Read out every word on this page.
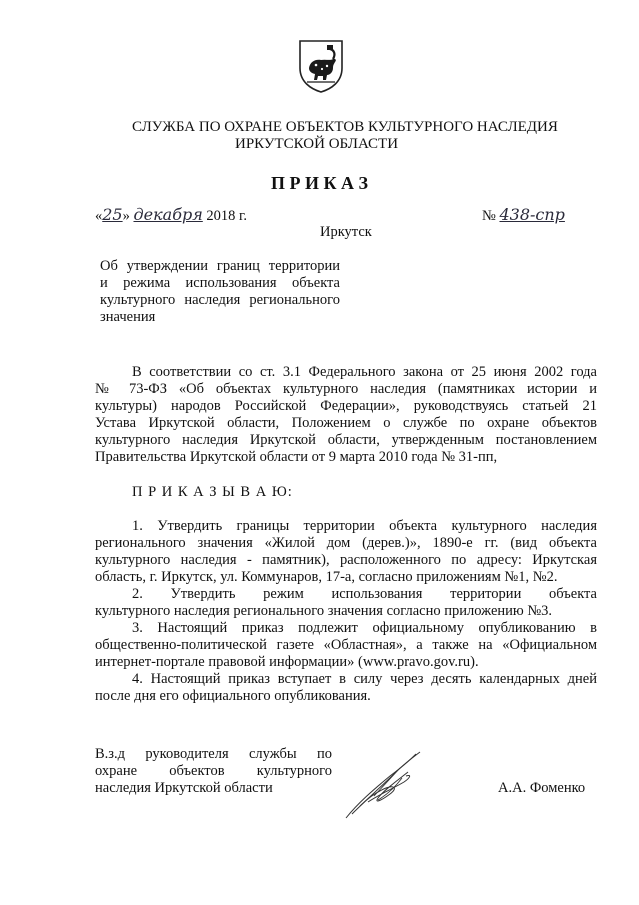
СЛУЖБА ПО ОХРАНЕ ОБЪЕКТОВ КУЛЬТУРНОГО НАСЛЕДИЯ
ИРКУТСКОЙ ОБЛАСТИ
П Р И К А З
«25» декабря 2018 г.	№ 438-спр
Иркутск
Об утверждении границ территории
и режима использования объекта
культурного наследия регионального
значения
В соответствии со ст. 3.1 Федерального закона от 25 июня 2002 года
№ 73-ФЗ «Об объектах культурного наследия (памятниках истории и
культуры) народов Российской Федерации», руководствуясь статьей 21
Устава Иркутской области, Положением о службе по охране объектов
культурного наследия Иркутской области, утвержденным постановлением
Правительства Иркутской области от 9 марта 2010 года № 31-пп,
П Р И К А З Ы В А Ю:
1. Утвердить границы территории объекта культурного наследия
регионального значения «Жилой дом (дерев.)», 1890-е гг. (вид объекта
культурного наследия - памятник), расположенного по адресу: Иркутская
область, г. Иркутск, ул. Коммунаров, 17-а, согласно приложениям №1, №2.
2. Утвердить режим использования территории объекта
культурного наследия регионального значения согласно приложению №3.
3. Настоящий приказ подлежит официальному опубликованию в
общественно-политической газете «Областная», а также на «Официальном
интернет-портале правовой информации» (www.pravo.gov.ru).
4. Настоящий приказ вступает в силу через десять календарных дней
после дня его официального опубликования.
В.з.д руководителя службы по
охране объектов культурного
наследия Иркутской области	А.А. Фоменко
